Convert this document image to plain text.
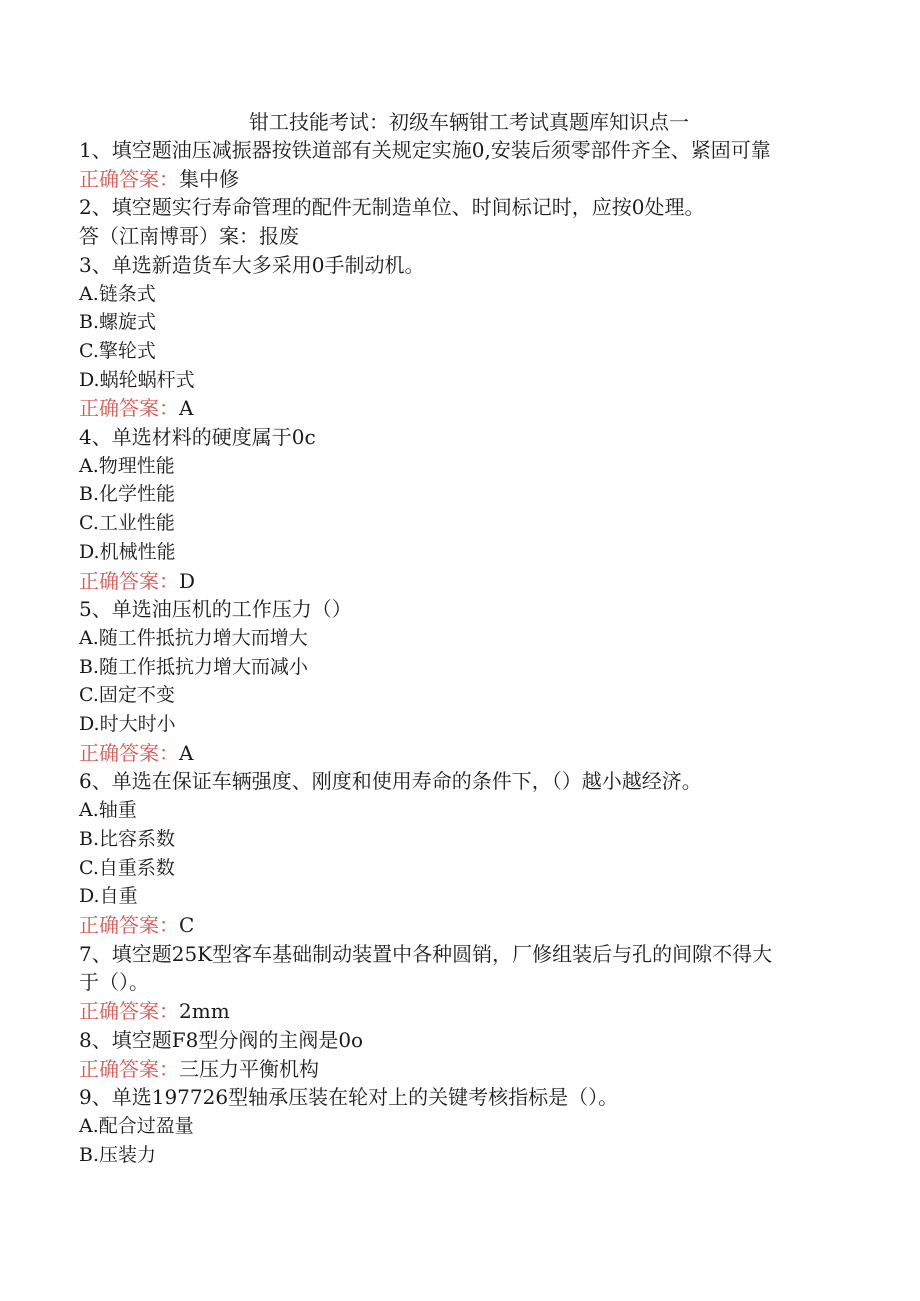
钳工技能考试：初级车辆钳工考试真题库知识点一
1、填空题油压减振器按铁道部有关规定实施0,安装后须零部件齐全、紧固可靠
正确答案：集中修
2、填空题实行寿命管理的配件无制造单位、时间标记时，应按0处理。
答（江南博哥）案：报废
3、单选新造货车大多采用0手制动机。
A.链条式
B.螺旋式
C.擎轮式
D.蜗轮蜗杆式
正确答案：A
4、单选材料的硬度属于0c
A.物理性能
B.化学性能
C.工业性能
D.机械性能
正确答案：D
5、单选油压机的工作压力（）
A.随工件抵抗力增大而增大
B.随工作抵抗力增大而减小
C.固定不变
D.时大时小
正确答案：A
6、单选在保证车辆强度、刚度和使用寿命的条件下，（）越小越经济。
A.轴重
B.比容系数
C.自重系数
D.自重
正确答案：C
7、填空题25K型客车基础制动装置中各种圆销，厂修组装后与孔的间隙不得大
于（）。
正确答案：2mm
8、填空题F8型分阀的主阀是0o
正确答案：三压力平衡机构
9、单选197726型轴承压装在轮对上的关键考核指标是（）。
A.配合过盈量
B.压装力
